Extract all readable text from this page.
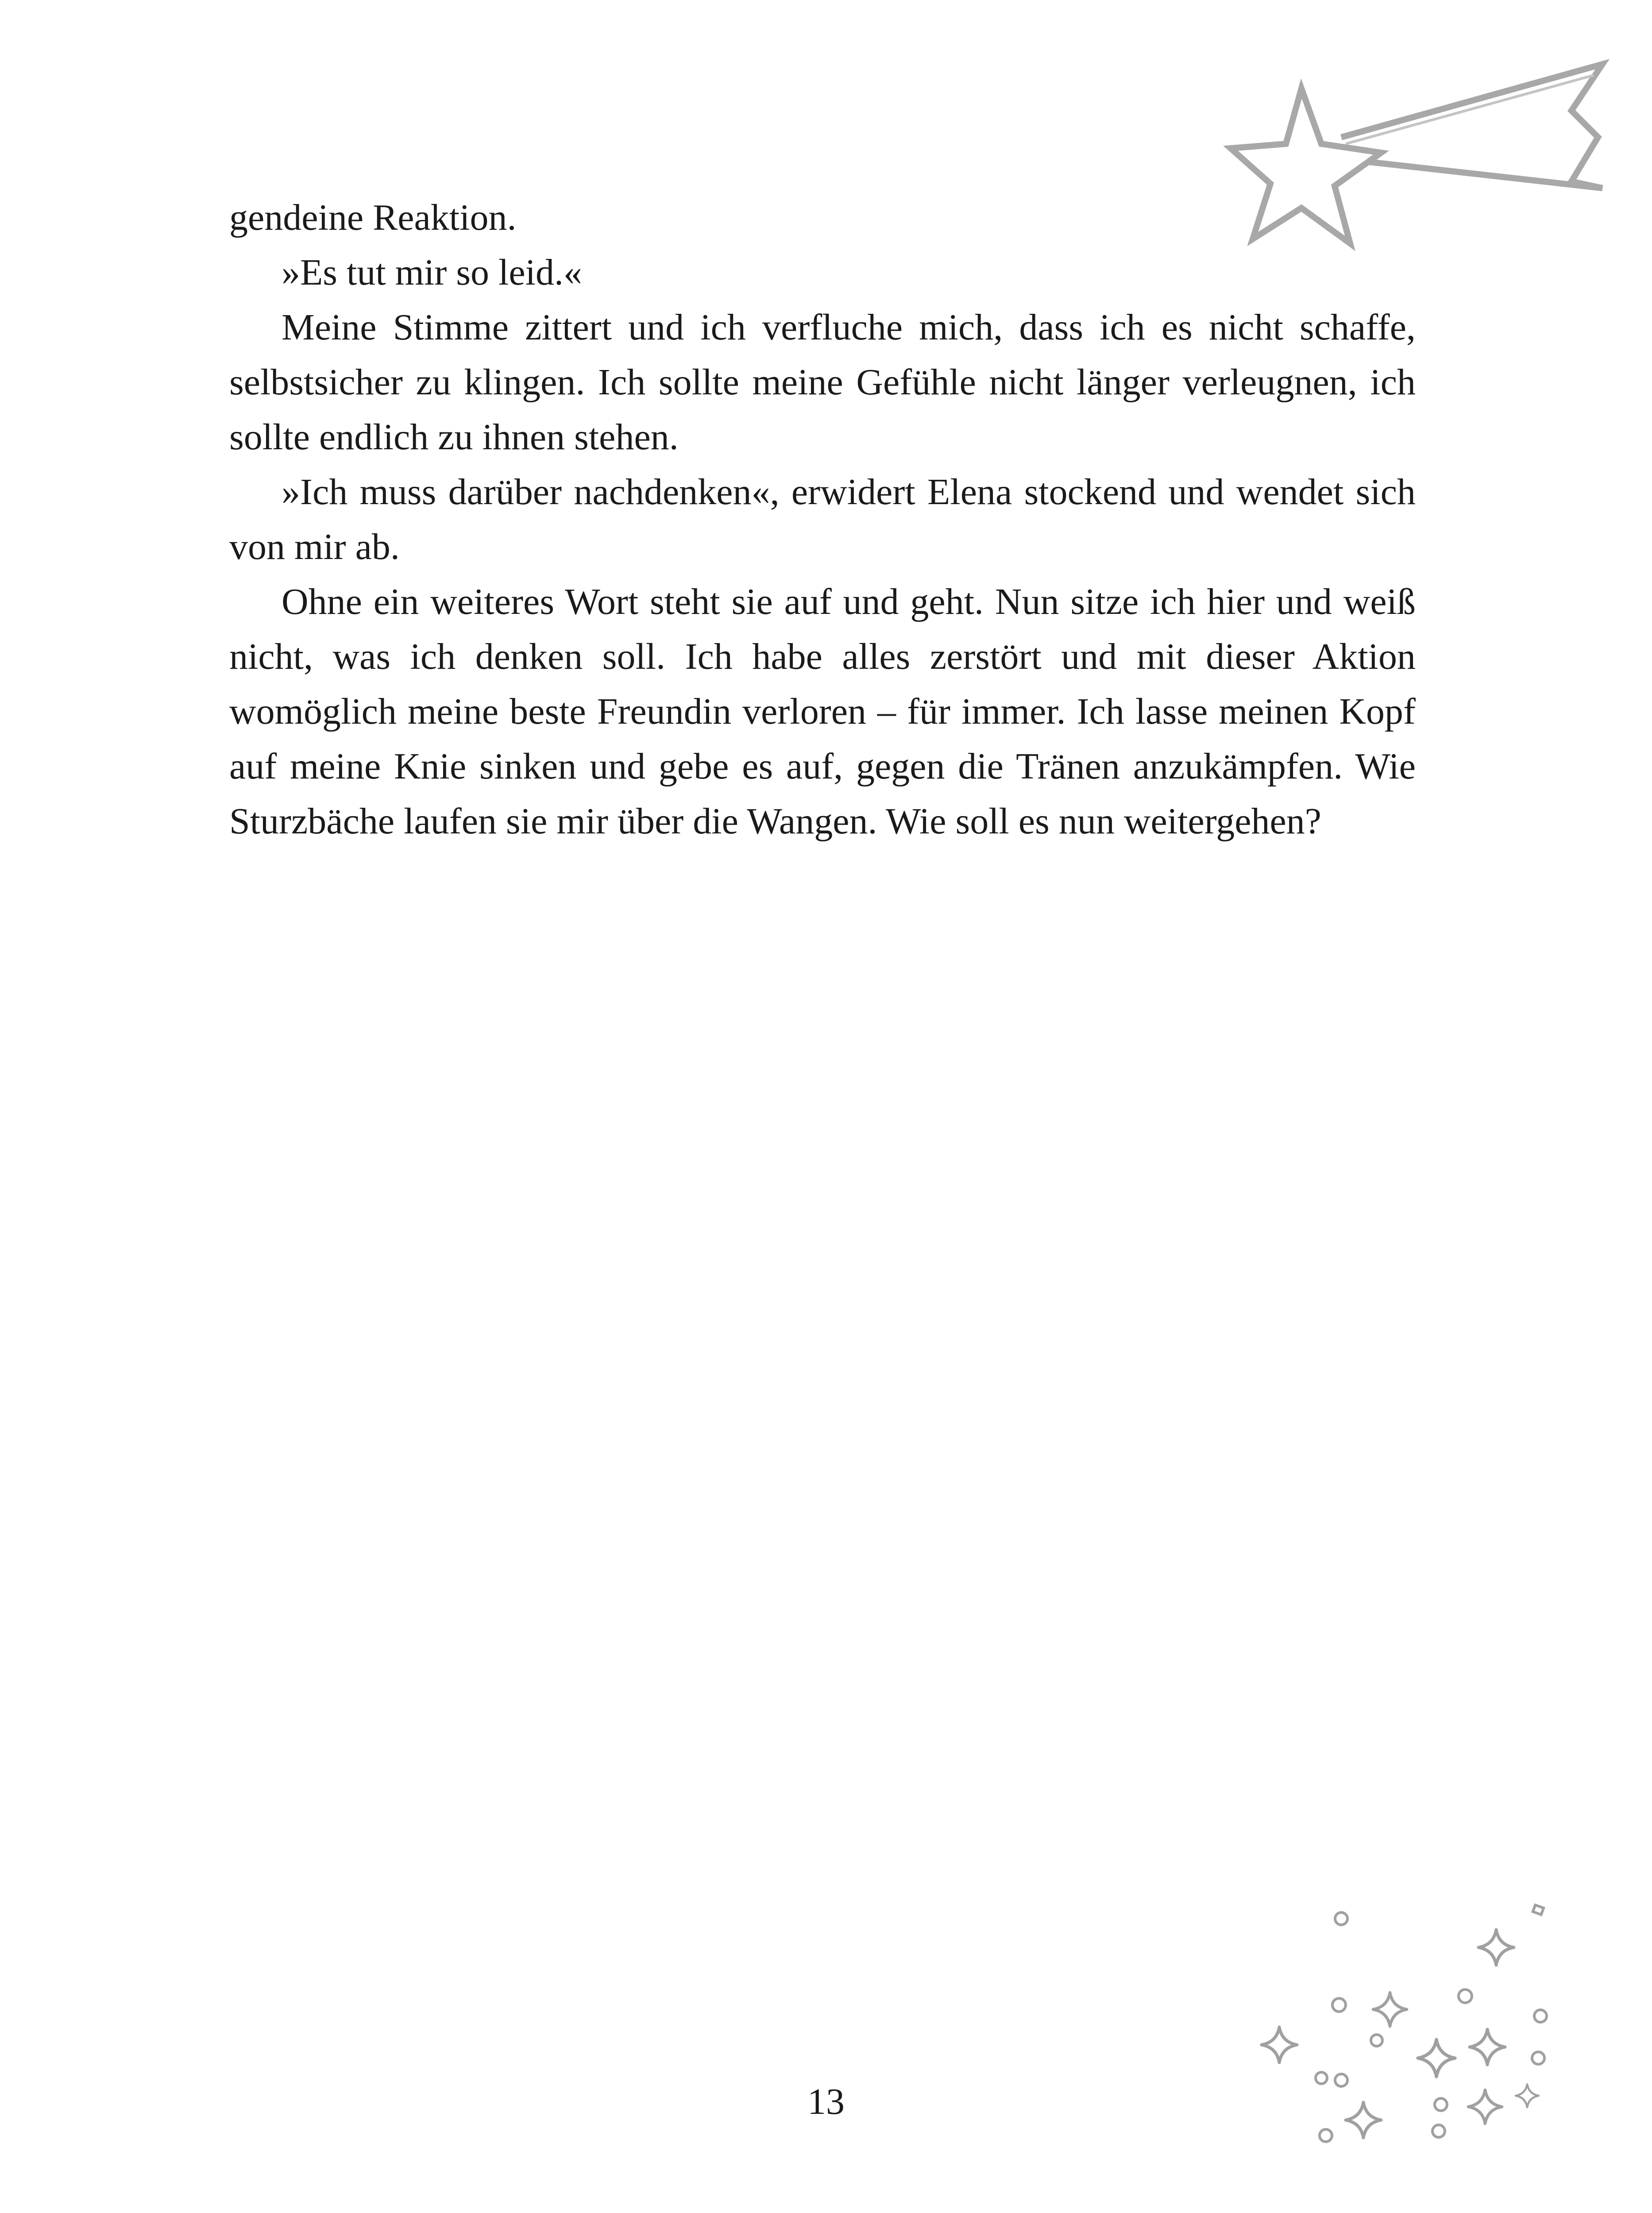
gendeine Reaktion.

»Es tut mir so leid.«

Meine Stimme zittert und ich verfluche mich, dass ich es nicht schaffe, selbstsicher zu klingen. Ich sollte meine Gefühle nicht länger verleugnen, ich sollte endlich zu ihnen stehen.

»Ich muss darüber nachdenken«, erwidert Elena stockend und wendet sich von mir ab.

Ohne ein weiteres Wort steht sie auf und geht. Nun sitze ich hier und weiß nicht, was ich denken soll. Ich habe alles zerstört und mit dieser Aktion womöglich meine beste Freundin verloren – für immer. Ich lasse meinen Kopf auf meine Knie sinken und gebe es auf, gegen die Tränen anzukämpfen. Wie Sturzbäche laufen sie mir über die Wangen. Wie soll es nun weitergehen?

13
